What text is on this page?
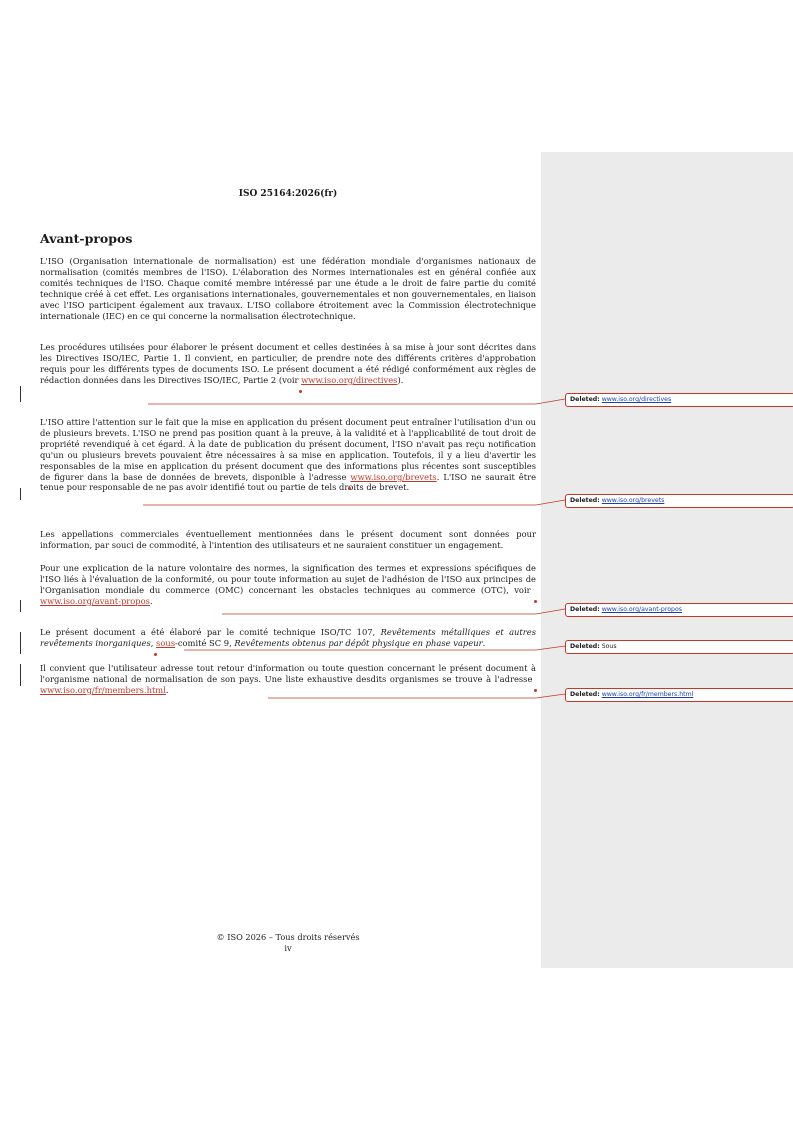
ISO 25164:2026(fr)
Avant-propos

L'ISO (Organisation internationale de normalisation) est une fédération mondiale d'organismes nationaux de normalisation (comités membres de l'ISO). L'élaboration des Normes internationales est en général confiée aux comités techniques de l'ISO. Chaque comité membre intéressé par une étude a le droit de faire partie du comité technique créé à cet effet. Les organisations internationales, gouvernementales et non gouvernementales, en liaison avec l'ISO participent également aux travaux. L'ISO collabore étroitement avec la Commission électrotechnique internationale (IEC) en ce qui concerne la normalisation électrotechnique.

Les procédures utilisées pour élaborer le présent document et celles destinées à sa mise à jour sont décrites dans les Directives ISO/IEC, Partie 1. Il convient, en particulier, de prendre note des différents critères d'approbation requis pour les différents types de documents ISO. Le présent document a été rédigé conformément aux règles de rédaction données dans les Directives ISO/IEC, Partie 2 (voir www.iso.org/directives).

L'ISO attire l'attention sur le fait que la mise en application du présent document peut entraîner l'utilisation d'un ou de plusieurs brevets. L'ISO ne prend pas position quant à la preuve, à la validité et à l'applicabilité de tout droit de propriété revendiqué à cet égard. À la date de publication du présent document, l'ISO n'avait pas reçu notification qu'un ou plusieurs brevets pouvaient être nécessaires à sa mise en application. Toutefois, il y a lieu d'avertir les responsables de la mise en application du présent document que des informations plus récentes sont susceptibles de figurer dans la base de données de brevets, disponible à l'adresse www.iso.org/brevets. L'ISO ne saurait être tenue pour responsable de ne pas avoir identifié tout ou partie de tels droits de brevet.

Les appellations commerciales éventuellement mentionnées dans le présent document sont données pour information, par souci de commodité, à l'intention des utilisateurs et ne sauraient constituer un engagement.

Pour une explication de la nature volontaire des normes, la signification des termes et expressions spécifiques de l'ISO liés à l'évaluation de la conformité, ou pour toute information au sujet de l'adhésion de l'ISO aux principes de l'Organisation mondiale du commerce (OMC) concernant les obstacles techniques au commerce (OTC), voir www.iso.org/avant-propos.

Le présent document a été élaboré par le comité technique ISO/TC 107, Revêtements métalliques et autres revêtements inorganiques, sous-comité SC 9, Revêtements obtenus par dépôt physique en phase vapeur.

Il convient que l'utilisateur adresse tout retour d'information ou toute question concernant le présent document à l'organisme national de normalisation de son pays. Une liste exhaustive desdits organismes se trouve à l'adresse www.iso.org/fr/members.html.

Deleted: www.iso.org/directives
Deleted: www.iso.org/brevets
Deleted: www.iso.org/avant-propos
Deleted: Sous
Deleted: www.iso.org/fr/members.html
© ISO 2026 – Tous droits réservés
iv
